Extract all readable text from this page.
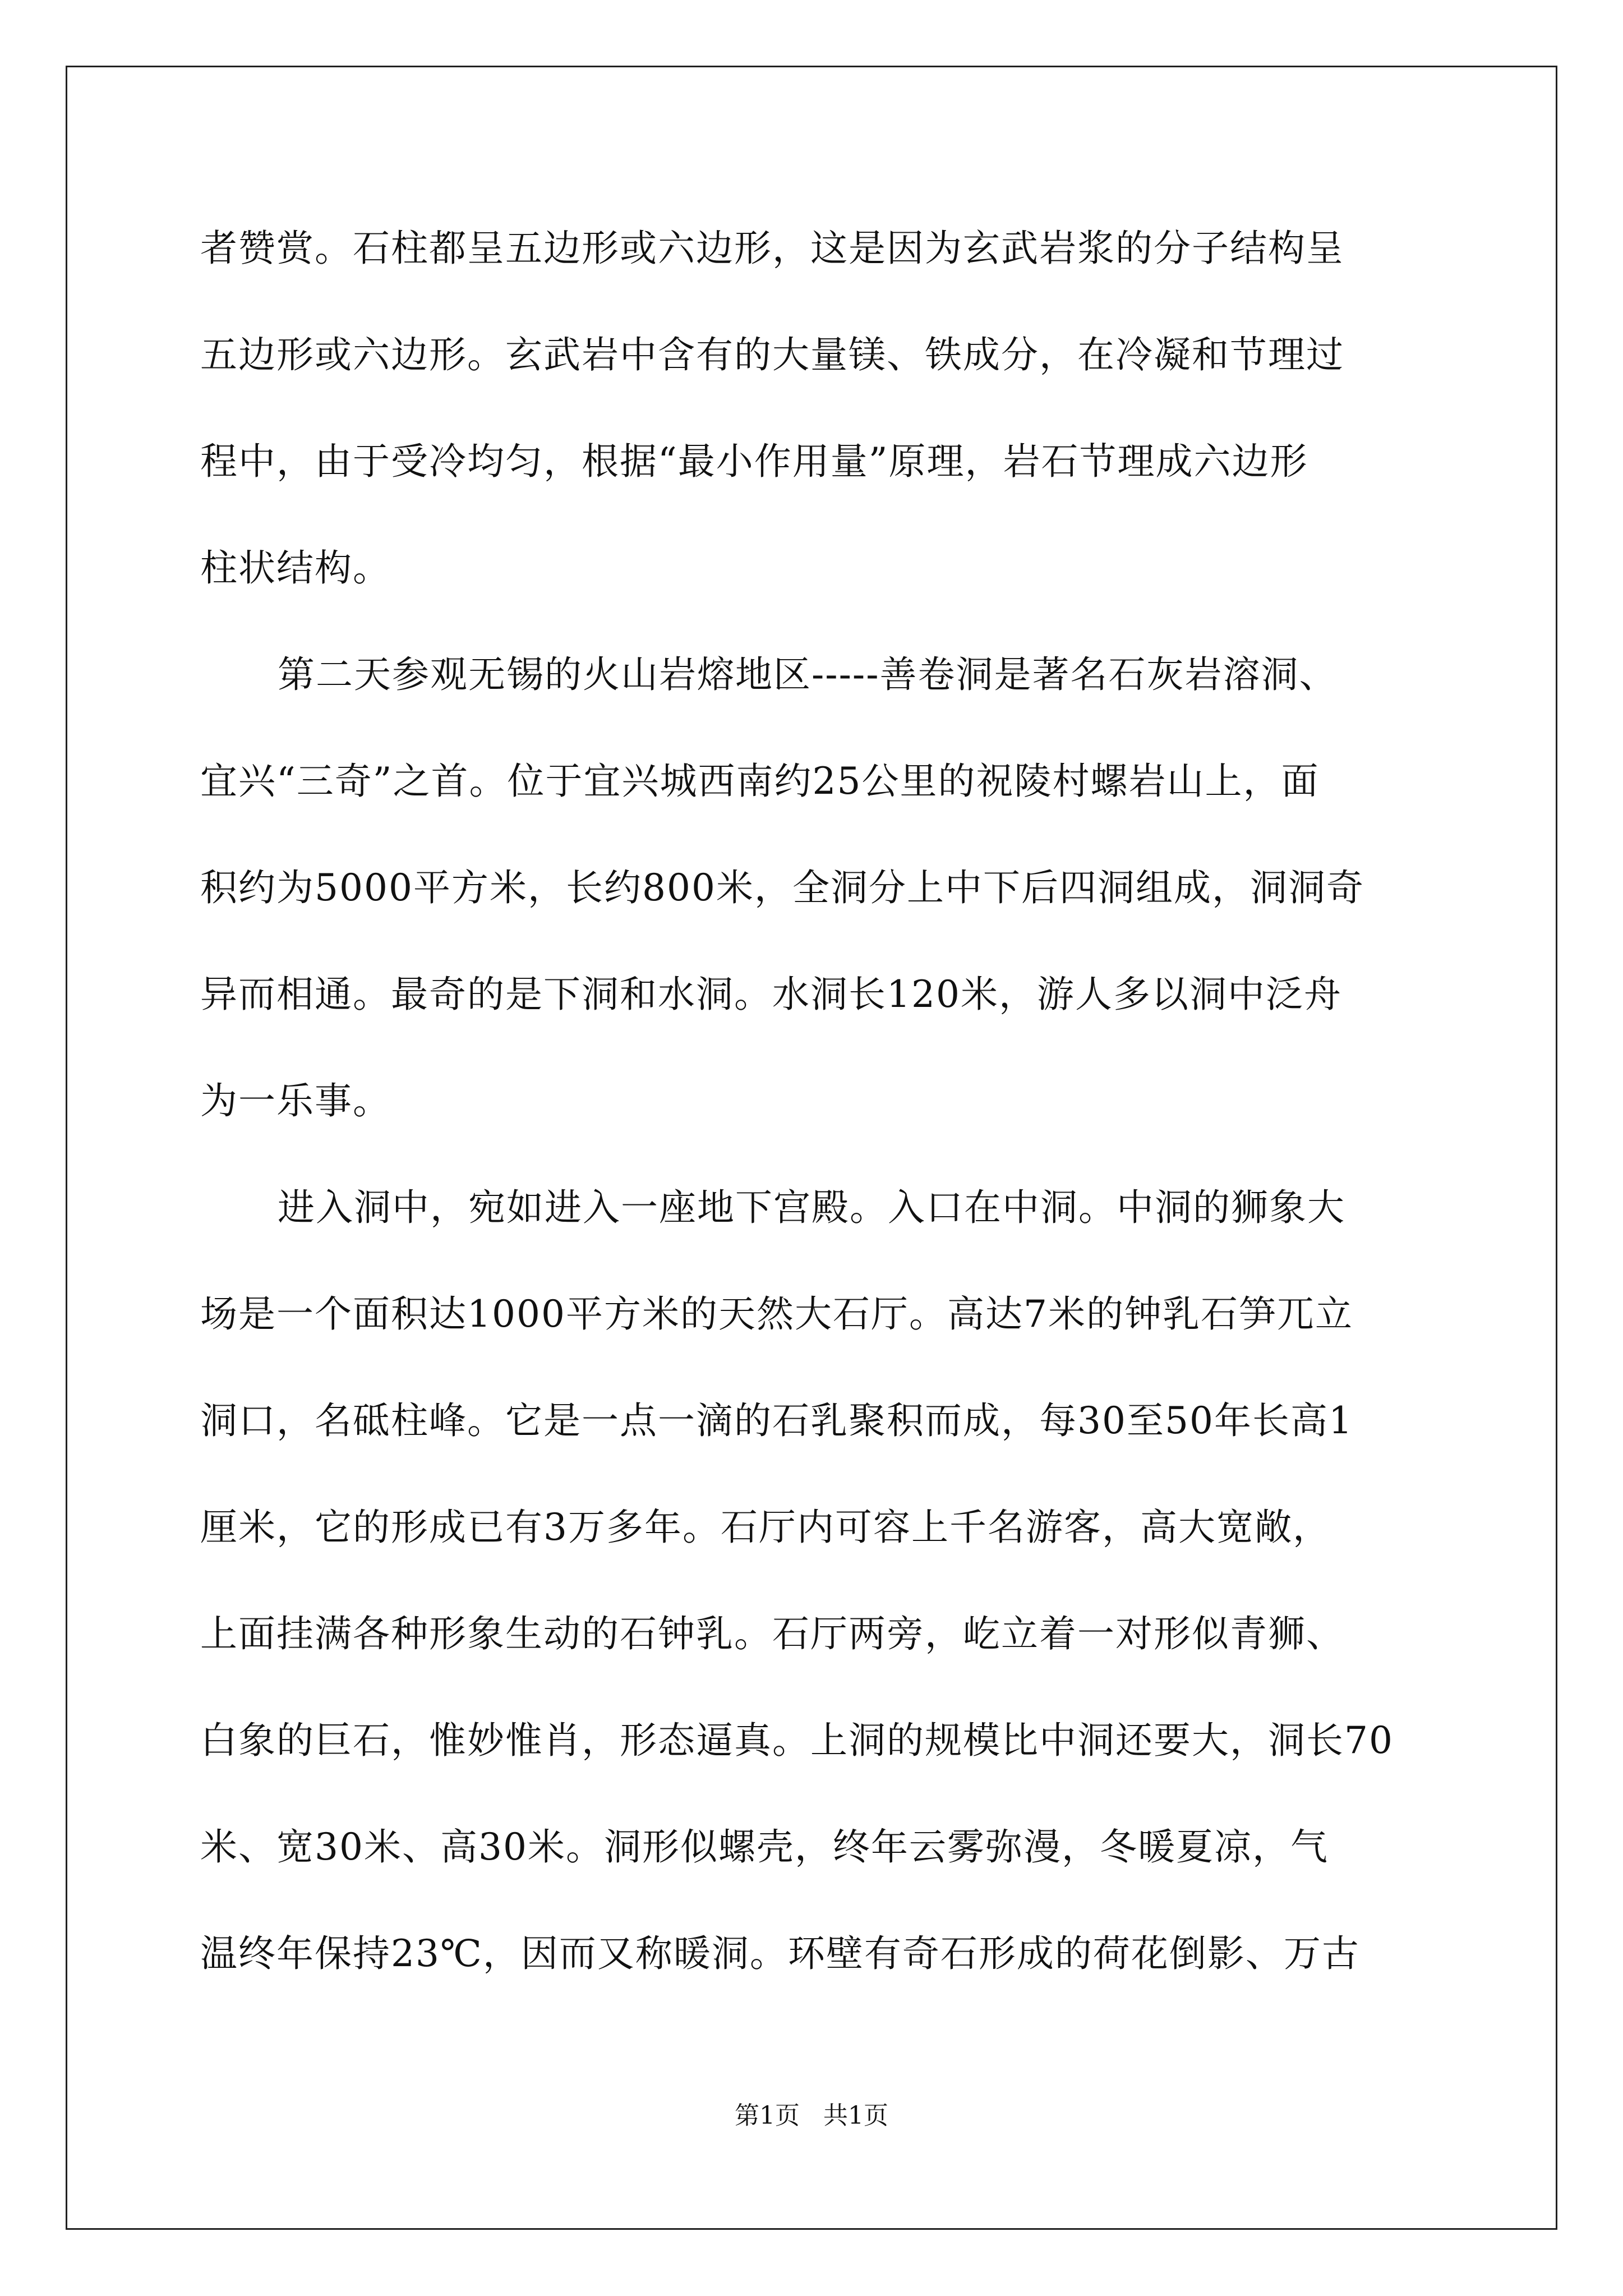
者赞赏。石柱都呈五边形或六边形，这是因为玄武岩浆的分子结构呈
五边形或六边形。玄武岩中含有的大量镁、铁成分，在冷凝和节理过
程中，由于受冷均匀，根据“最小作用量”原理，岩石节理成六边形
柱状结构。
第二天参观无锡的火山岩熔地区-----善卷洞是著名石灰岩溶洞、
宜兴“三奇”之首。位于宜兴城西南约25公里的祝陵村螺岩山上，面
积约为5000平方米，长约800米，全洞分上中下后四洞组成，洞洞奇
异而相通。最奇的是下洞和水洞。水洞长120米，游人多以洞中泛舟
为一乐事。
进入洞中，宛如进入一座地下宫殿。入口在中洞。中洞的狮象大
场是一个面积达1000平方米的天然大石厅。高达7米的钟乳石笋兀立
洞口，名砥柱峰。它是一点一滴的石乳聚积而成，每30至50年长高1
厘米，它的形成已有3万多年。石厅内可容上千名游客，高大宽敞，
上面挂满各种形象生动的石钟乳。石厅两旁，屹立着一对形似青狮、
白象的巨石，惟妙惟肖，形态逼真。上洞的规模比中洞还要大，洞长70
米、宽30米、高30米。洞形似螺壳，终年云雾弥漫，冬暖夏凉，气
温终年保持23℃，因而又称暖洞。环壁有奇石形成的荷花倒影、万古
第1页   共1页
